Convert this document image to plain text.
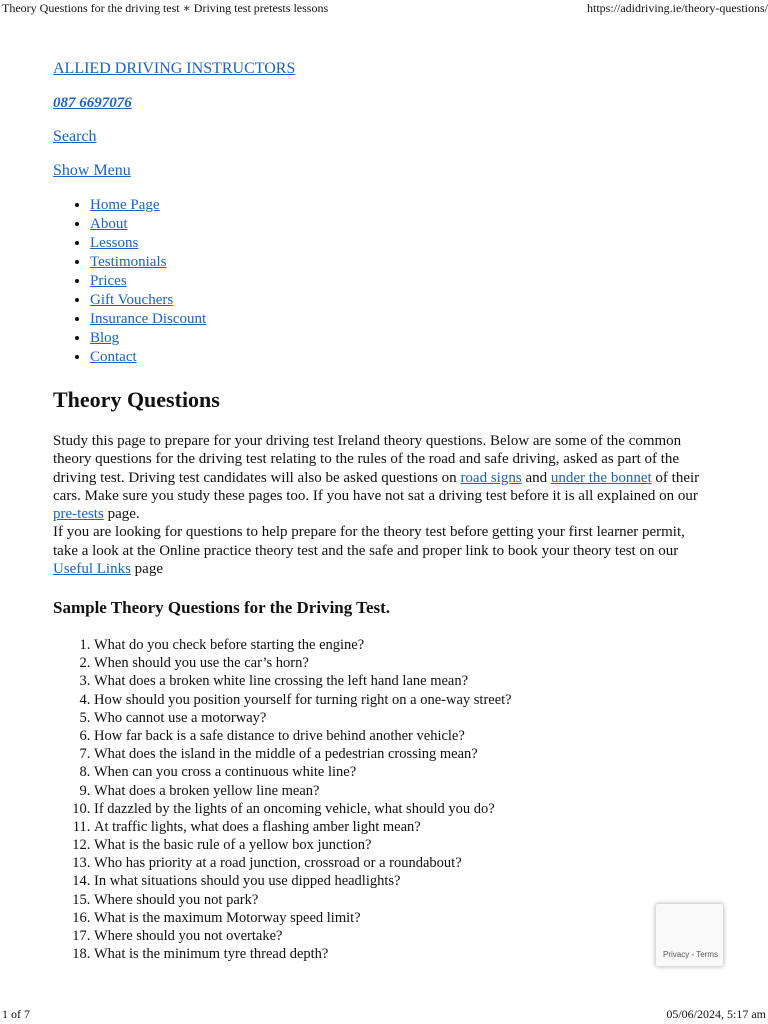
Theory Questions for the driving test ∗ Driving test pretests lessons	https://adidriving.ie/theory-questions/
ALLIED DRIVING INSTRUCTORS
087 6697076
Search
Show Menu
• Home Page
• About
• Lessons
• Testimonials
• Prices
• Gift Vouchers
• Insurance Discount
• Blog
• Contact
Theory Questions

Study this page to prepare for your driving test Ireland theory questions. Below are some of the common theory questions for the driving test relating to the rules of the road and safe driving, asked as part of the driving test. Driving test candidates will also be asked questions on road signs and under the bonnet of their cars. Make sure you study these pages too. If you have not sat a driving test before it is all explained on our pre-tests page.
If you are looking for questions to help prepare for the theory test before getting your first learner permit, take a look at the Online practice theory test and the safe and proper link to book your theory test on our Useful Links page

Sample Theory Questions for the Driving Test.
1. What do you check before starting the engine?
2. When should you use the car’s horn?
3. What does a broken white line crossing the left hand lane mean?
4. How should you position yourself for turning right on a one-way street?
5. Who cannot use a motorway?
6. How far back is a safe distance to drive behind another vehicle?
7. What does the island in the middle of a pedestrian crossing mean?
8. When can you cross a continuous white line?
9. What does a broken yellow line mean?
10. If dazzled by the lights of an oncoming vehicle, what should you do?
11. At traffic lights, what does a flashing amber light mean?
12. What is the basic rule of a yellow box junction?
13. Who has priority at a road junction, crossroad or a roundabout?
14. In what situations should you use dipped headlights?
15. Where should you not park?
16. What is the maximum Motorway speed limit?
17. Where should you not overtake?
18. What is the minimum tyre thread depth?	Privacy - Terms
1 of 7	05/06/2024, 5:17 am
